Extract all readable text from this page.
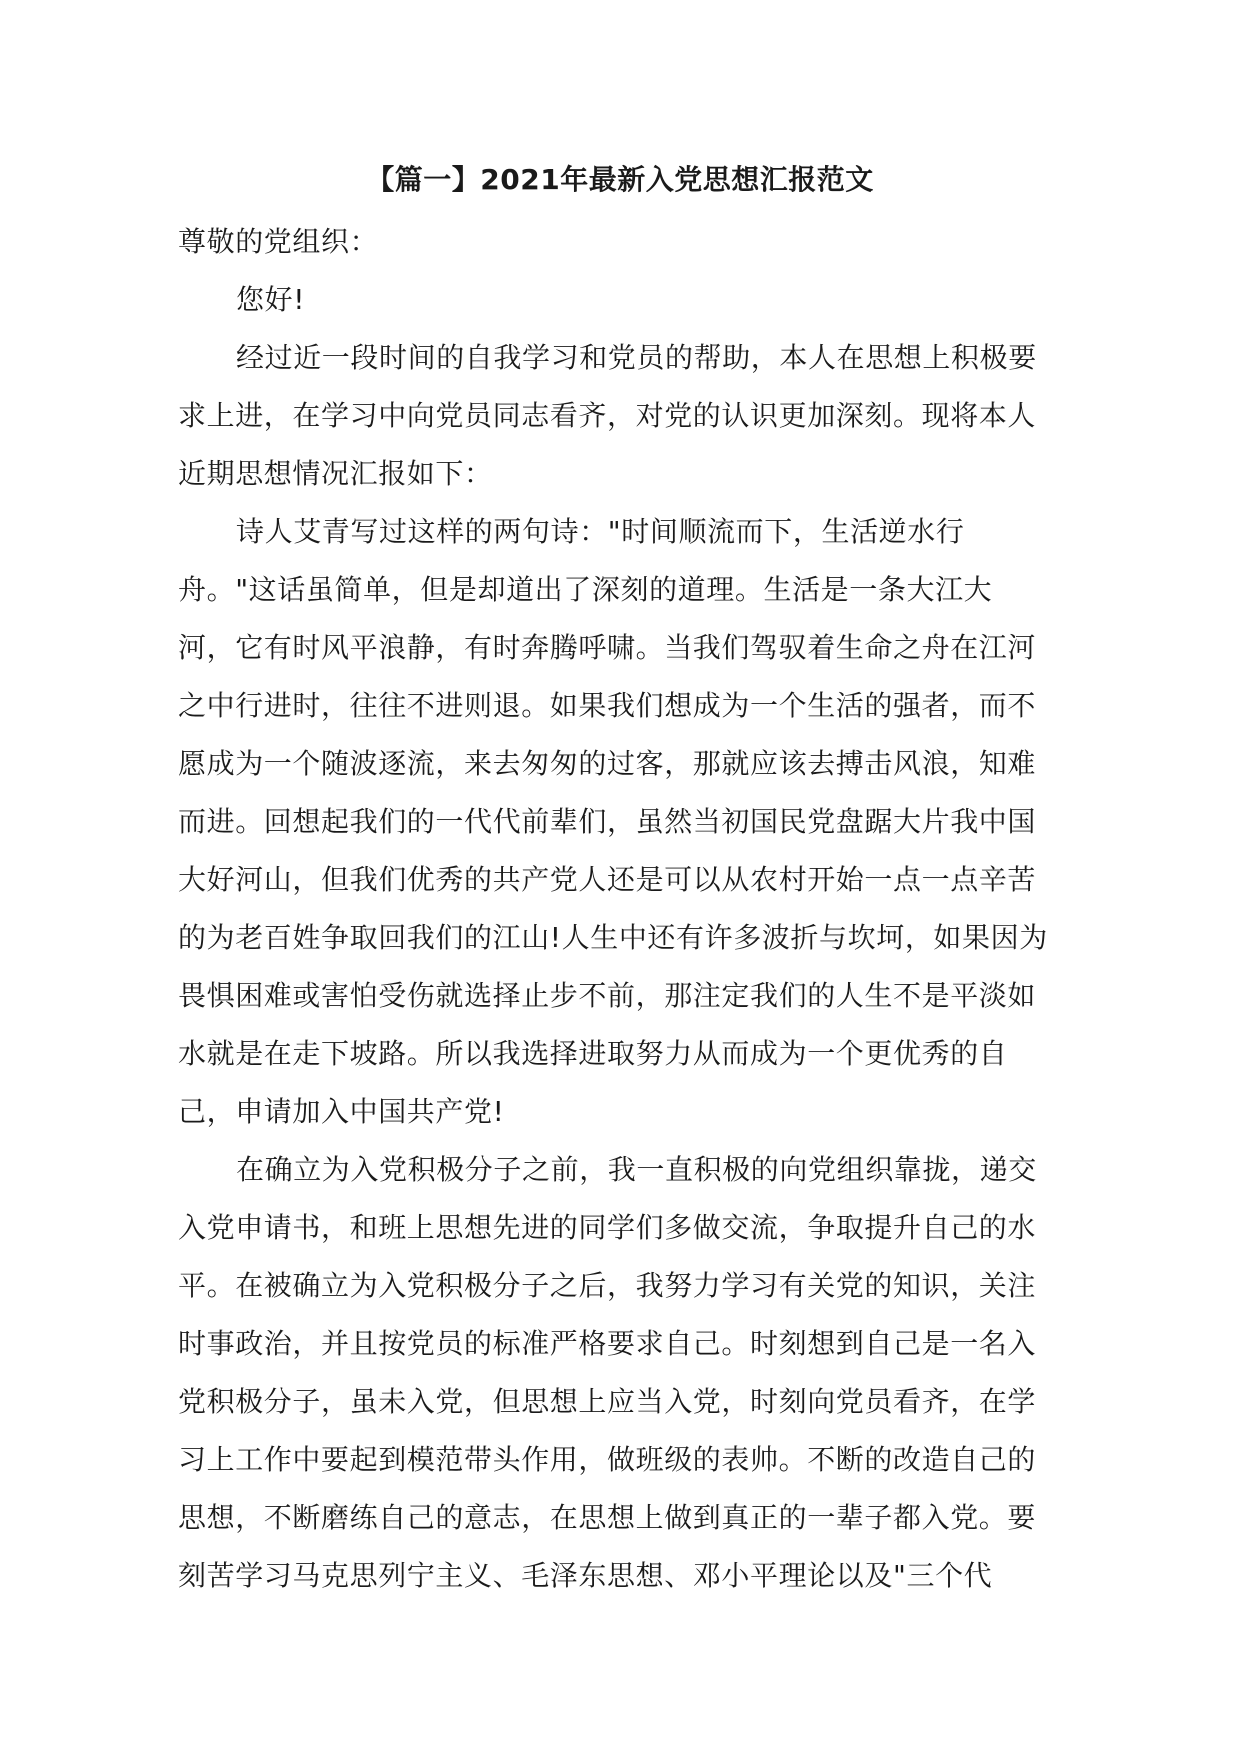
【篇一】2021年最新入党思想汇报范文
尊敬的党组织：
您好!
经过近一段时间的自我学习和党员的帮助，本人在思想上积极要
求上进，在学习中向党员同志看齐，对党的认识更加深刻。现将本人
近期思想情况汇报如下：
诗人艾青写过这样的两句诗："时间顺流而下，生活逆水行
舟。"这话虽简单，但是却道出了深刻的道理。生活是一条大江大
河，它有时风平浪静，有时奔腾呼啸。当我们驾驭着生命之舟在江河
之中行进时，往往不进则退。如果我们想成为一个生活的强者，而不
愿成为一个随波逐流，来去匆匆的过客，那就应该去搏击风浪，知难
而进。回想起我们的一代代前辈们，虽然当初国民党盘踞大片我中国
大好河山，但我们优秀的共产党人还是可以从农村开始一点一点辛苦
的为老百姓争取回我们的江山!人生中还有许多波折与坎坷，如果因为
畏惧困难或害怕受伤就选择止步不前，那注定我们的人生不是平淡如
水就是在走下坡路。所以我选择进取努力从而成为一个更优秀的自
己，申请加入中国共产党!
在确立为入党积极分子之前，我一直积极的向党组织靠拢，递交
入党申请书，和班上思想先进的同学们多做交流，争取提升自己的水
平。在被确立为入党积极分子之后，我努力学习有关党的知识，关注
时事政治，并且按党员的标准严格要求自己。时刻想到自己是一名入
党积极分子，虽未入党，但思想上应当入党，时刻向党员看齐，在学
习上工作中要起到模范带头作用，做班级的表帅。不断的改造自己的
思想，不断磨练自己的意志，在思想上做到真正的一辈子都入党。要
刻苦学习马克思列宁主义、毛泽东思想、邓小平理论以及"三个代
